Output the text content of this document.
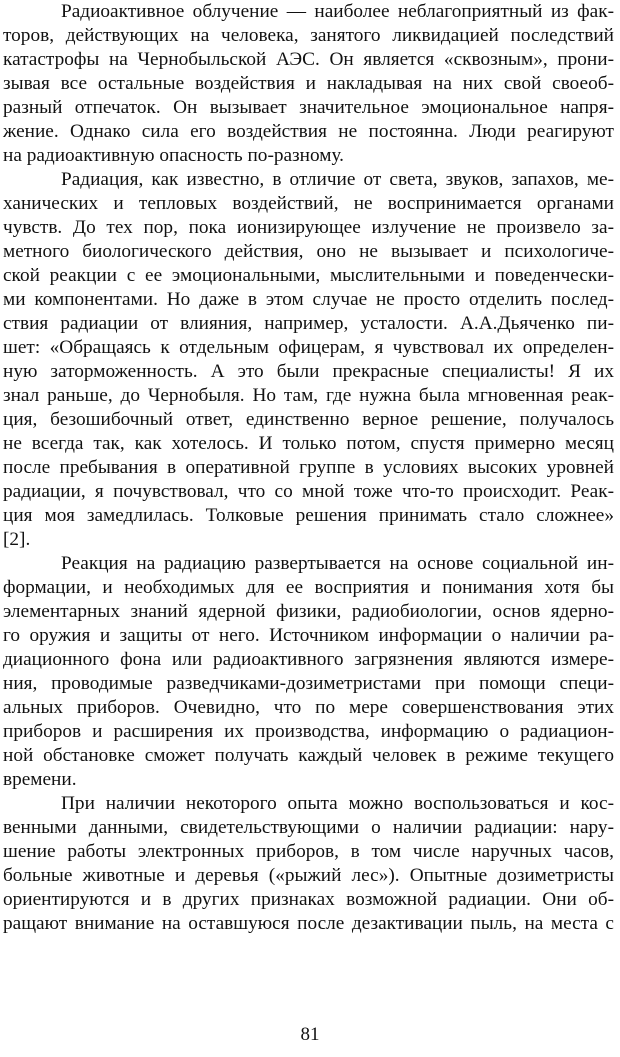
Радиоактивное облучение — наиболее неблагоприятный из фак-
торов, действующих на человека, занятого ликвидацией последствий
катастрофы на Чернобыльской АЭС. Он является «сквозным», прони-
зывая все остальные воздействия и накладывая на них свой своеоб-
разный отпечаток. Он вызывает значительное эмоциональное напря-
жение. Однако сила его воздействия не постоянна. Люди реагируют
на радиоактивную опасность по-разному.
Радиация, как известно, в отличие от света, звуков, запахов, ме-
ханических и тепловых воздействий, не воспринимается органами
чувств. До тех пор, пока ионизирующее излучение не произвело за-
метного биологического действия, оно не вызывает и психологиче-
ской реакции с ее эмоциональными, мыслительными и поведенчески-
ми компонентами. Но даже в этом случае не просто отделить послед-
ствия радиации от влияния, например, усталости. А.А.Дьяченко пи-
шет: «Обращаясь к отдельным офицерам, я чувствовал их определен-
ную заторможенность. А это были прекрасные специалисты! Я их
знал раньше, до Чернобыля. Но там, где нужна была мгновенная реак-
ция, безошибочный ответ, единственно верное решение, получалось
не всегда так, как хотелось. И только потом, спустя примерно месяц
после пребывания в оперативной группе в условиях высоких уровней
радиации, я почувствовал, что со мной тоже что-то происходит. Реак-
ция моя замедлилась. Толковые решения принимать стало сложнее»
[2].
Реакция на радиацию развертывается на основе социальной ин-
формации, и необходимых для ее восприятия и понимания хотя бы
элементарных знаний ядерной физики, радиобиологии, основ ядерно-
го оружия и защиты от него. Источником информации о наличии ра-
диационного фона или радиоактивного загрязнения являются измере-
ния, проводимые разведчиками-дозиметристами при помощи специ-
альных приборов. Очевидно, что по мере совершенствования этих
приборов и расширения их производства, информацию о радиацион-
ной обстановке сможет получать каждый человек в режиме текущего
времени.
При наличии некоторого опыта можно воспользоваться и кос-
венными данными, свидетельствующими о наличии радиации: нару-
шение работы электронных приборов, в том числе наручных часов,
больные животные и деревья («рыжий лес»). Опытные дозиметристы
ориентируются и в других признаках возможной радиации. Они об-
ращают внимание на оставшуюся после дезактивации пыль, на места с
81
